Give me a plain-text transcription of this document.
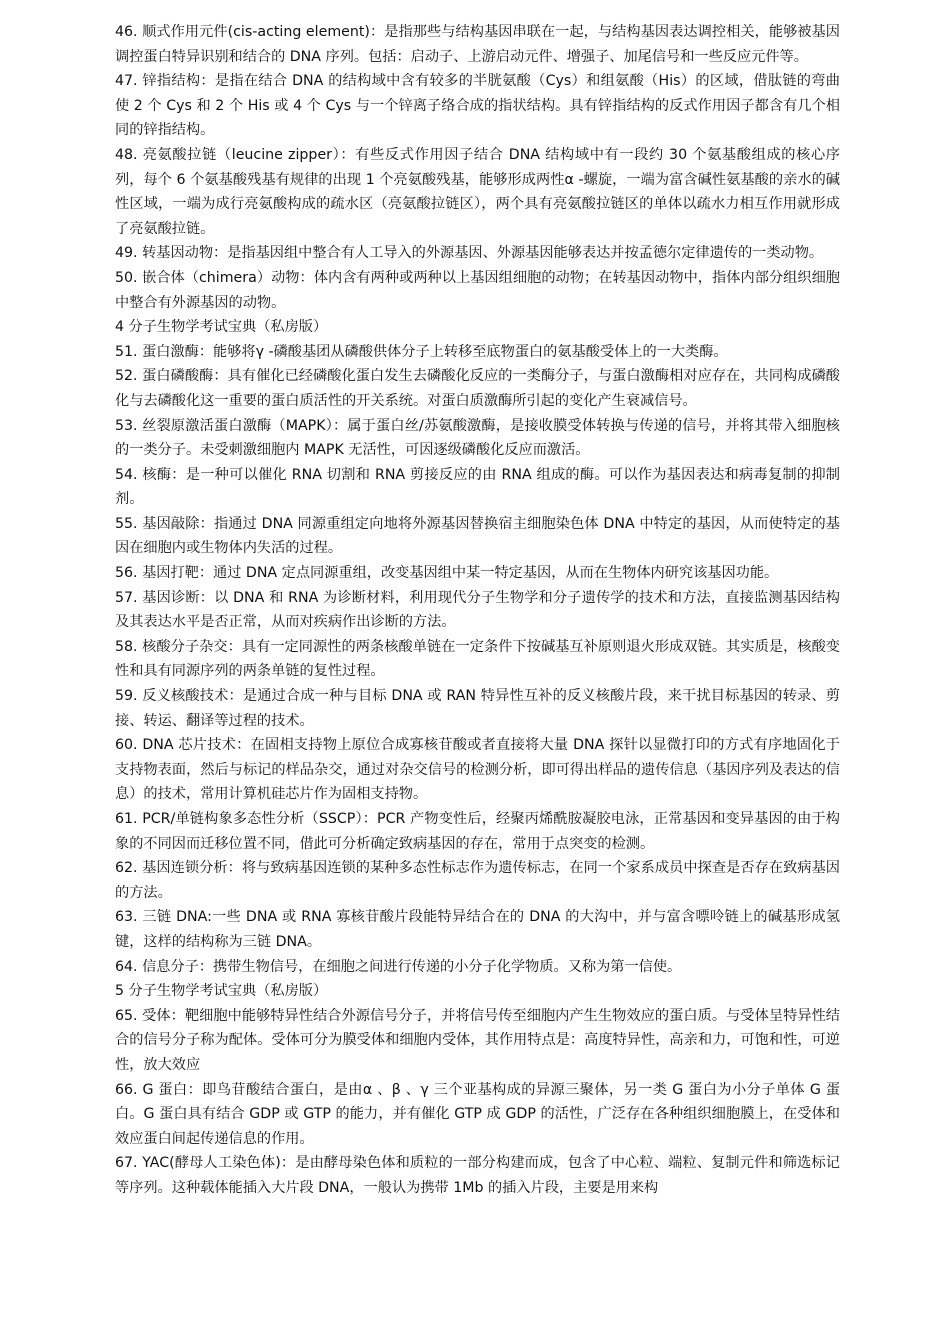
46. 顺式作用元件(cis-acting element)：是指那些与结构基因串联在一起，与结构基因表达调控相关，能够被基因调控蛋白特异识别和结合的 DNA 序列。包括：启动子、上游启动元件、增强子、加尾信号和一些反应元件等。

47. 锌指结构：是指在结合 DNA 的结构域中含有较多的半胱氨酸（Cys）和组氨酸（His）的区域，借肽链的弯曲使 2 个 Cys 和 2 个 His 或 4 个 Cys 与一个锌离子络合成的指状结构。具有锌指结构的反式作用因子都含有几个相同的锌指结构。

48. 亮氨酸拉链（leucine zipper）：有些反式作用因子结合 DNA 结构域中有一段约 30 个氨基酸组成的核心序列，每个 6 个氨基酸残基有规律的出现 1 个亮氨酸残基，能够形成两性α -螺旋，一端为富含碱性氨基酸的亲水的碱性区域，一端为成行亮氨酸构成的疏水区（亮氨酸拉链区），两个具有亮氨酸拉链区的单体以疏水力相互作用就形成了亮氨酸拉链。

49. 转基因动物：是指基因组中整合有人工导入的外源基因、外源基因能够表达并按孟德尔定律遗传的一类动物。

50. 嵌合体（chimera）动物：体内含有两种或两种以上基因组细胞的动物；在转基因动物中，指体内部分组织细胞中整合有外源基因的动物。

4 分子生物学考试宝典（私房版）

51. 蛋白激酶：能够将γ -磷酸基团从磷酸供体分子上转移至底物蛋白的氨基酸受体上的一大类酶。

52. 蛋白磷酸酶：具有催化已经磷酸化蛋白发生去磷酸化反应的一类酶分子，与蛋白激酶相对应存在，共同构成磷酸化与去磷酸化这一重要的蛋白质活性的开关系统。对蛋白质激酶所引起的变化产生衰减信号。

53. 丝裂原激活蛋白激酶（MAPK）：属于蛋白丝/苏氨酸激酶，是接收膜受体转换与传递的信号，并将其带入细胞核的一类分子。未受刺激细胞内 MAPK 无活性，可因逐级磷酸化反应而激活。

54. 核酶：是一种可以催化 RNA 切割和 RNA 剪接反应的由 RNA 组成的酶。可以作为基因表达和病毒复制的抑制剂。

55. 基因敲除：指通过 DNA 同源重组定向地将外源基因替换宿主细胞染色体 DNA 中特定的基因，从而使特定的基因在细胞内或生物体内失活的过程。

56. 基因打靶：通过 DNA 定点同源重组，改变基因组中某一特定基因，从而在生物体内研究该基因功能。

57. 基因诊断：以 DNA 和 RNA 为诊断材料，利用现代分子生物学和分子遗传学的技术和方法，直接监测基因结构及其表达水平是否正常，从而对疾病作出诊断的方法。

58. 核酸分子杂交：具有一定同源性的两条核酸单链在一定条件下按碱基互补原则退火形成双链。其实质是，核酸变性和具有同源序列的两条单链的复性过程。

59. 反义核酸技术：是通过合成一种与目标 DNA 或 RAN 特异性互补的反义核酸片段，来干扰目标基因的转录、剪接、转运、翻译等过程的技术。

60. DNA 芯片技术：在固相支持物上原位合成寡核苷酸或者直接将大量 DNA 探针以显微打印的方式有序地固化于支持物表面，然后与标记的样品杂交，通过对杂交信号的检测分析，即可得出样品的遗传信息（基因序列及表达的信息）的技术，常用计算机硅芯片作为固相支持物。

61. PCR/单链构象多态性分析（SSCP）：PCR 产物变性后，经聚丙烯酰胺凝胶电泳，正常基因和变异基因的由于构象的不同因而迁移位置不同，借此可分析确定致病基因的存在，常用于点突变的检测。

62. 基因连锁分析：将与致病基因连锁的某种多态性标志作为遗传标志，在同一个家系成员中探查是否存在致病基因的方法。

63. 三链 DNA:一些 DNA 或 RNA 寡核苷酸片段能特异结合在的 DNA 的大沟中，并与富含嘌呤链上的碱基形成氢键，这样的结构称为三链 DNA。

64. 信息分子：携带生物信号，在细胞之间进行传递的小分子化学物质。又称为第一信使。

5 分子生物学考试宝典（私房版）

65. 受体：靶细胞中能够特异性结合外源信号分子，并将信号传至细胞内产生生物效应的蛋白质。与受体呈特异性结合的信号分子称为配体。受体可分为膜受体和细胞内受体，其作用特点是：高度特异性，高亲和力，可饱和性，可逆性，放大效应

66. G 蛋白：即鸟苷酸结合蛋白，是由α 、β 、γ 三个亚基构成的异源三聚体，另一类 G 蛋白为小分子单体 G 蛋白。G 蛋白具有结合 GDP 或 GTP 的能力，并有催化 GTP 成 GDP 的活性，广泛存在各种组织细胞膜上，在受体和效应蛋白间起传递信息的作用。

67. YAC(酵母人工染色体)：是由酵母染色体和质粒的一部分构建而成，包含了中心粒、端粒、复制元件和筛选标记等序列。这种载体能插入大片段 DNA，一般认为携带 1Mb 的插入片段，主要是用来构
